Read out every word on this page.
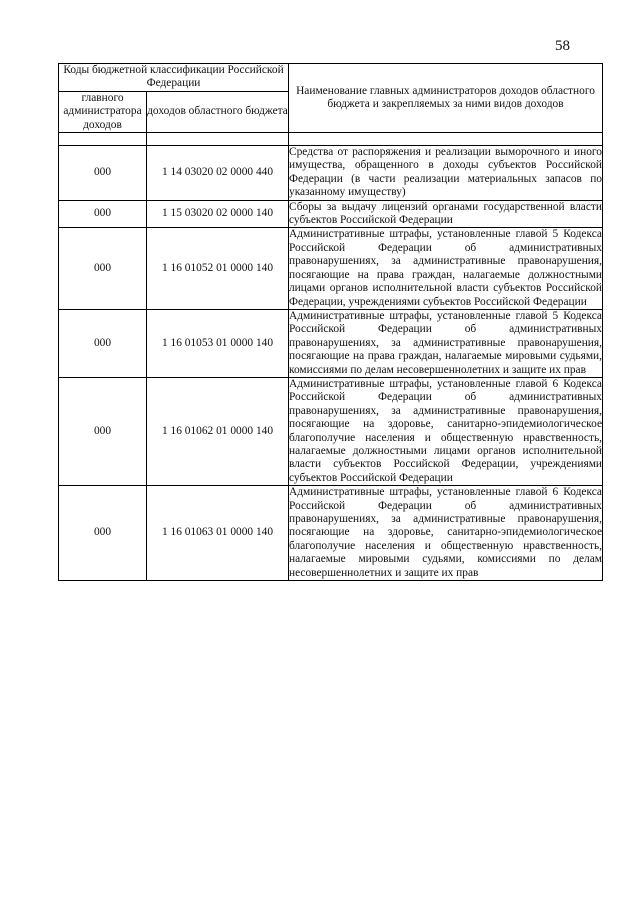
58
Коды бюджетной классификации Российской Федерации		Наименование главных администраторов доходов областного бюджета и закрепляемых за ними видов доходов
главного администратора доходов	доходов областного бюджета	

000	1 14 03020 02 0000 440	Средства от распоряжения и реализации выморочного и иного имущества, обращенного в доходы субъектов Российской Федерации (в части реализации материальных запасов по указанному имуществу)
000	1 15 03020 02 0000 140	Сборы за выдачу лицензий органами государственной власти субъектов Российской Федерации
000	1 16 01052 01 0000 140	Административные штрафы, установленные главой 5 Кодекса Российской Федерации об административных правонарушениях, за административные правонарушения, посягающие на права граждан, налагаемые должностными лицами органов исполнительной власти субъектов Российской Федерации, учреждениями субъектов Российской Федерации
000	1 16 01053 01 0000 140	Административные штрафы, установленные главой 5 Кодекса Российской Федерации об административных правонарушениях, за административные правонарушения, посягающие на права граждан, налагаемые мировыми судьями, комиссиями по делам несовершеннолетних и защите их прав
000	1 16 01062 01 0000 140	Административные штрафы, установленные главой 6 Кодекса Российской Федерации об административных правонарушениях, за административные правонарушения, посягающие на здоровье, санитарно-эпидемиологическое благополучие населения и общественную нравственность, налагаемые должностными лицами органов исполнительной власти субъектов Российской Федерации, учреждениями субъектов Российской Федерации
000	1 16 01063 01 0000 140	Административные штрафы, установленные главой 6 Кодекса Российской Федерации об административных правонарушениях, за административные правонарушения, посягающие на здоровье, санитарно-эпидемиологическое благополучие населения и общественную нравственность, налагаемые мировыми судьями, комиссиями по делам несовершеннолетних и защите их прав
